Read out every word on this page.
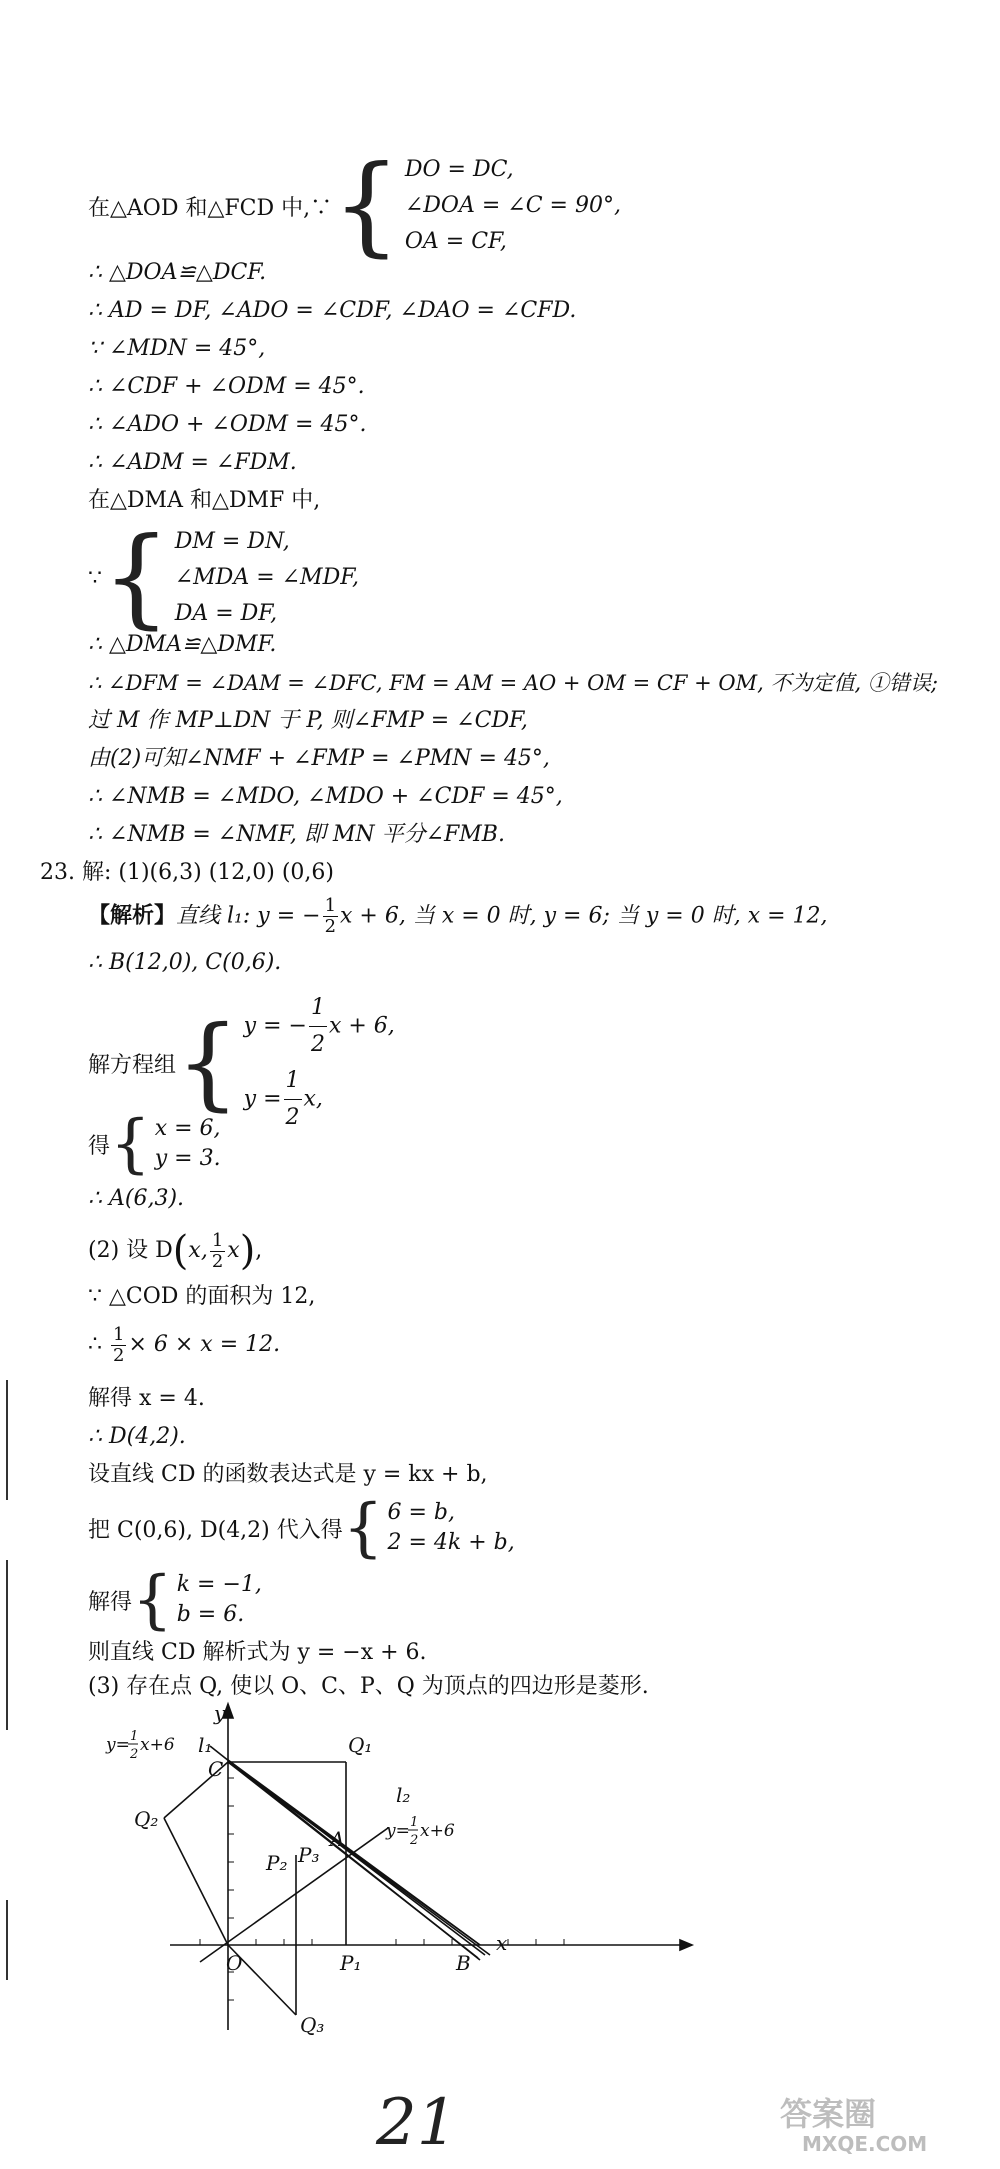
在△AOD 和△FCD 中,∵ { DO = DC,
∠DOA = ∠C = 90°,
OA = CF,
∴ △DOA≌△DCF.
∴ AD = DF, ∠ADO = ∠CDF, ∠DAO = ∠CFD.
∵ ∠MDN = 45°,
∴ ∠CDF + ∠ODM = 45°.
∴ ∠ADO + ∠ODM = 45°.
∴ ∠ADM = ∠FDM.
在△DMA 和△DMF 中,
∵ { DM = DN,
∠MDA = ∠MDF,
DA = DF,
∴ △DMA≌△DMF.
∴ ∠DFM = ∠DAM = ∠DFC, FM = AM = AO + OM = CF + OM, 不为定值, ①错误;
过 M 作 MP⊥DN 于 P, 则∠FMP = ∠CDF,
由(2)可知∠NMF + ∠FMP = ∠PMN = 45°,
∴ ∠NMB = ∠MDO, ∠MDO + ∠CDF = 45°,
∴ ∠NMB = ∠NMF, 即 MN 平分∠FMB.
23. 解: (1)(6,3) (12,0) (0,6)
【解析】直线 l₁: y = − $\frac{1}{2}$ x + 6, 当 x = 0 时, y = 6; 当 y = 0 时, x = 12,
∴ B(12,0), C(0,6).
解方程组 { y = − $\frac{1}{2}$ x + 6,
$y = \frac{1}{2} x$,
得 { x = 6,
y = 3.
∴ A(6,3).
(2) 设 D(x, $\frac{1}{2} x$),
∵ △COD 的面积为 12,
∴ $\frac{1}{2} \times 6 \times x = 12$.
解得 x = 4.
∴ D(4,2).
设直线 CD 的函数表达式是 y = kx + b,
把 C(0,6), D(4,2) 代入得 { 6 = b,
2 = 4k + b,
解得 { k = −1,
b = 6.
则直线 CD 解析式为 y = −x + 6.
(3) 存在点 Q, 使以 O、C、P、Q 为顶点的四边形是菱形.
y
x
l₁
l₂
C
A
O	B
P₁
P₂ P₃
Q₁
Q₂
Q₃
y= 1
2 x+6
y= 1
2 x+6
21	答案圈
MXQE.COM
